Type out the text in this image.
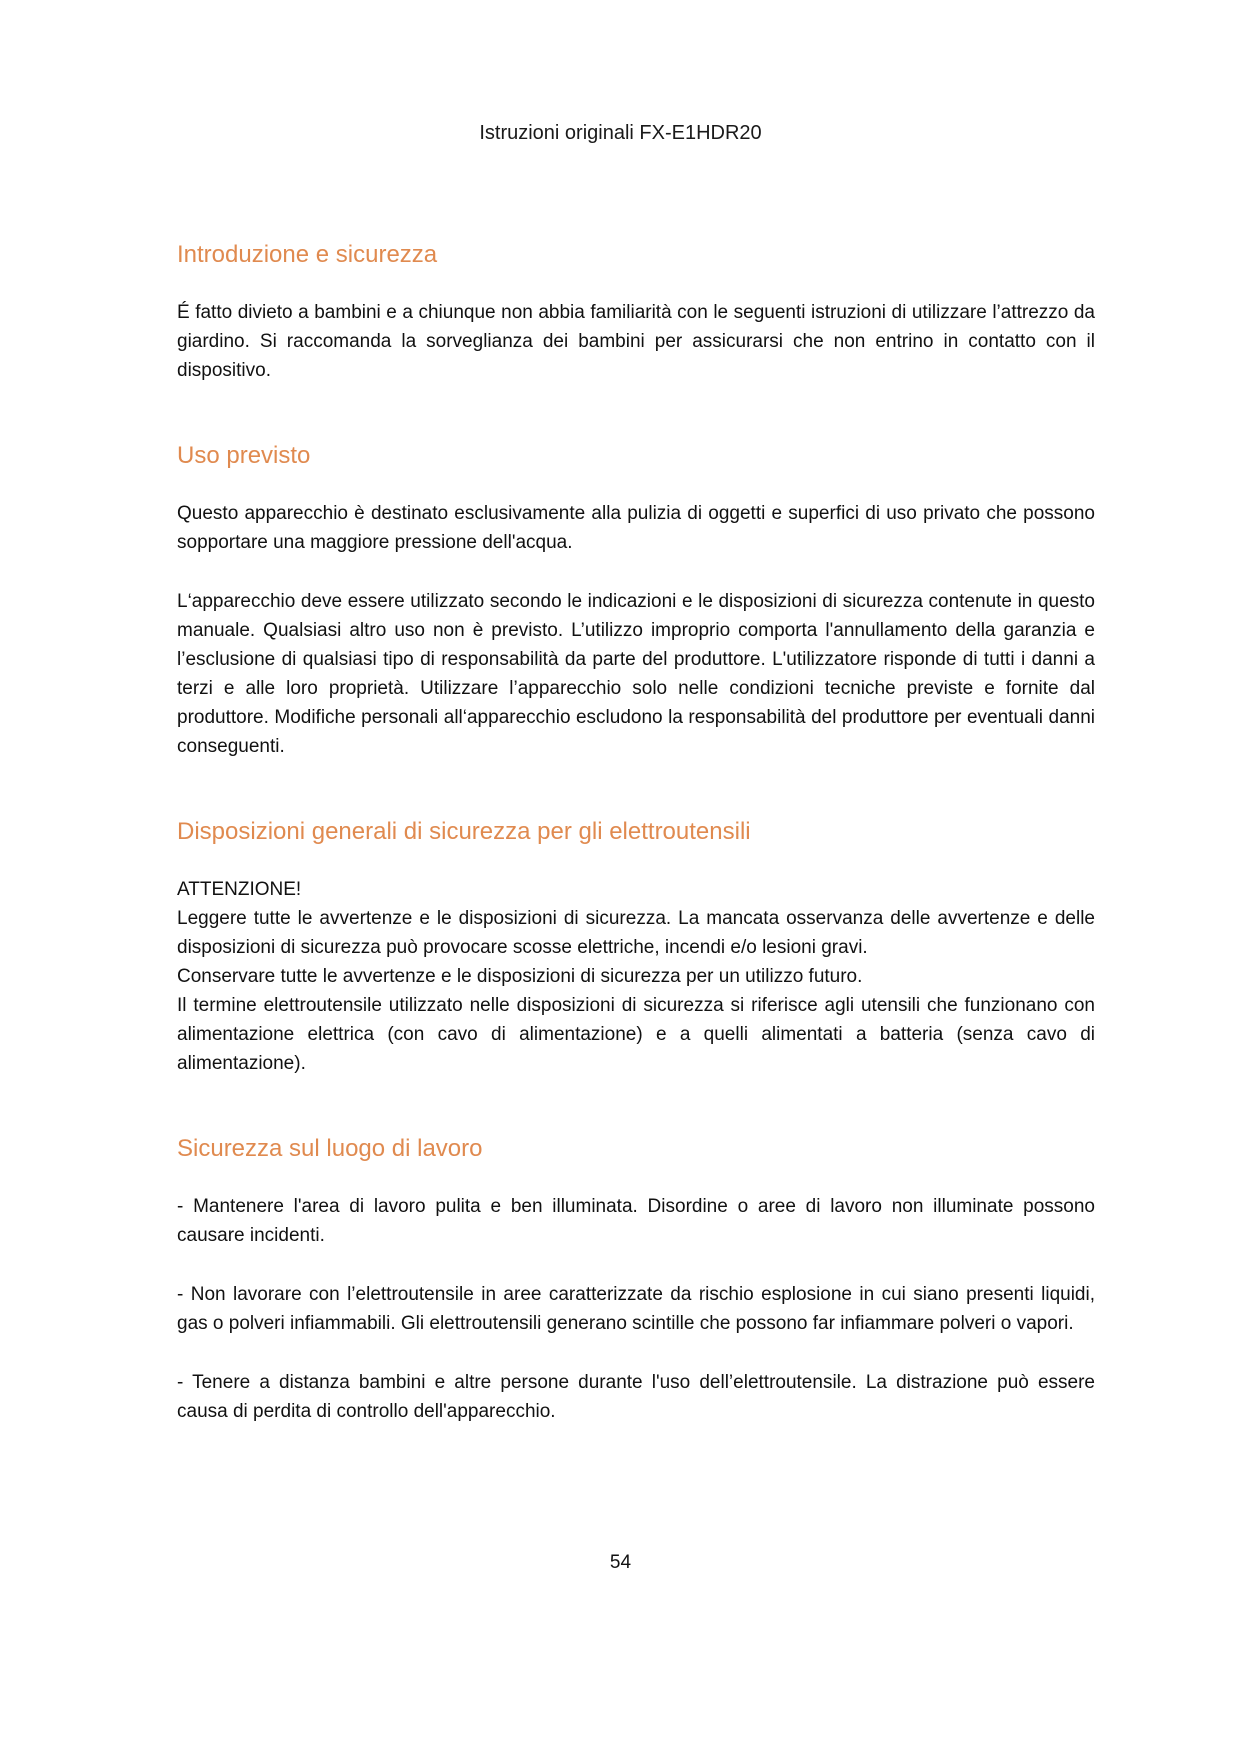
Istruzioni originali FX-E1HDR20
Introduzione e sicurezza

É fatto divieto a bambini e a chiunque non abbia familiarità con le seguenti istruzioni di utilizzare l’attrezzo da giardino. Si raccomanda la sorveglianza dei bambini per assicurarsi che non entrino in contatto con il dispositivo.

Uso previsto

Questo apparecchio è destinato esclusivamente alla pulizia di oggetti e superfici di uso privato che possono sopportare una maggiore pressione dell'acqua.

L‘apparecchio deve essere utilizzato secondo le indicazioni e le disposizioni di sicurezza contenute in questo manuale. Qualsiasi altro uso non è previsto. L’utilizzo improprio comporta l'annullamento della garanzia e l’esclusione di qualsiasi tipo di responsabilità da parte del produttore. L'utilizzatore risponde di tutti i danni a terzi e alle loro proprietà. Utilizzare l’apparecchio solo nelle condizioni tecniche previste e fornite dal produttore. Modifiche personali all‘apparecchio escludono la responsabilità del produttore per eventuali danni conseguenti.

Disposizioni generali di sicurezza per gli elettroutensili

ATTENZIONE!

Leggere tutte le avvertenze e le disposizioni di sicurezza. La mancata osservanza delle avvertenze e delle disposizioni di sicurezza può provocare scosse elettriche, incendi e/o lesioni gravi.

Conservare tutte le avvertenze e le disposizioni di sicurezza per un utilizzo futuro.

Il termine elettroutensile utilizzato nelle disposizioni di sicurezza si riferisce agli utensili che funzionano con alimentazione elettrica (con cavo di alimentazione) e a quelli alimentati a batteria (senza cavo di alimentazione).

Sicurezza sul luogo di lavoro

- Mantenere l'area di lavoro pulita e ben illuminata. Disordine o aree di lavoro non illuminate possono causare incidenti.

- Non lavorare con l’elettroutensile in aree caratterizzate da rischio esplosione in cui siano presenti liquidi, gas o polveri infiammabili. Gli elettroutensili generano scintille che possono far infiammare polveri o vapori.

- Tenere a distanza bambini e altre persone durante l'uso dell’elettroutensile. La distrazione può essere causa di perdita di controllo dell'apparecchio.

54
